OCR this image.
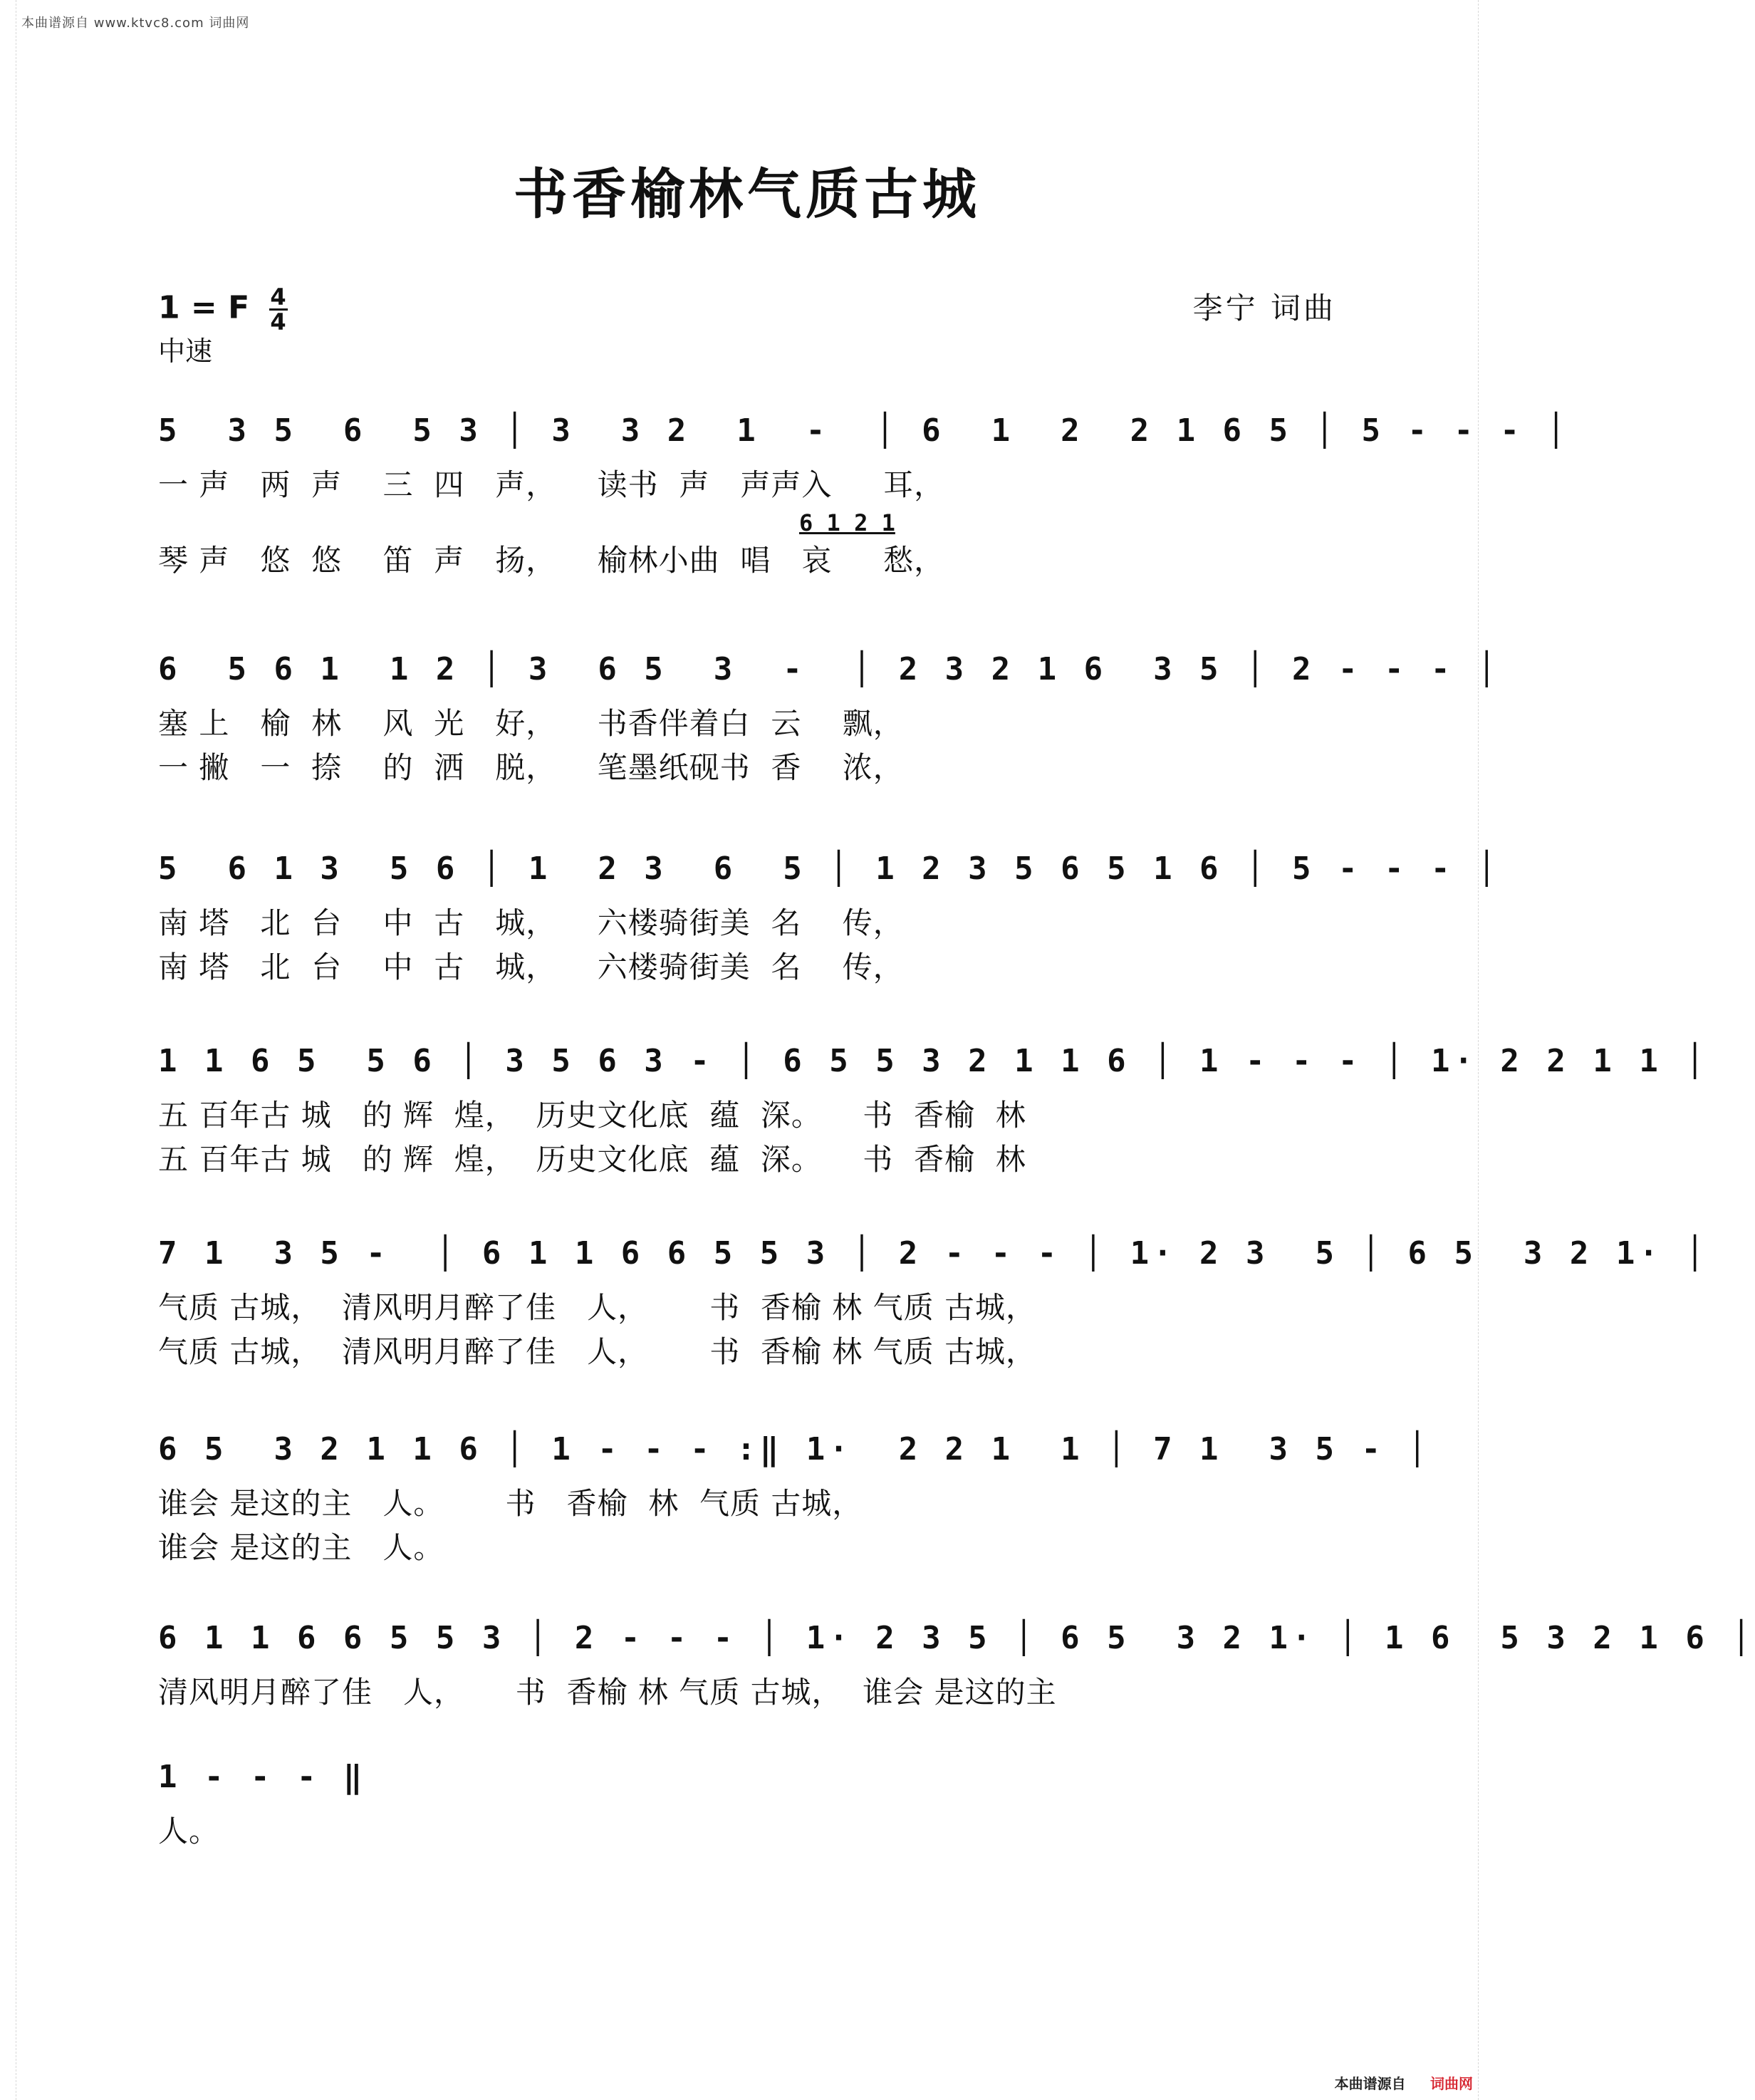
本曲谱源自 www.ktvc8.com 词曲网
书香榆林气质古城
1 = F $\frac{4}{4}$
中速
李宁 词曲
5  3 5  6  5 3 │ 3  3 2  1  -  │ 6  1  2  2 1 6 5 │ 5 - - - │
一 声   两  声    三  四   声，    读书  声   声声入     耳，
6 1 2 1
琴 声   悠  悠    笛  声   扬，    榆林小曲  唱   哀     愁，
6  5 6 1  1 2 │ 3  6 5  3  -  │ 2 3 2 1 6  3 5 │ 2 - - - │
塞 上   榆  林    风  光   好，    书香伴着白  云    飘，
一 撇   一  捺    的  洒   脱，    笔墨纸砚书  香    浓，
5  6 1 3  5 6 │ 1  2 3  6  5 │ 1 2 3 5 6 5 1 6 │ 5 - - - │
南 塔   北  台    中  古   城，    六楼骑街美  名    传，
南 塔   北  台    中  古   城，    六楼骑街美  名    传，
1 1 6 5  5 6 │ 3 5 6 3 - │ 6 5 5 3 2 1 1 6 │ 1 - - - │ 1· 2 2 1 1 │
五 百年古 城   的 辉  煌，  历史文化底  蕴  深。    书  香榆  林
五 百年古 城   的 辉  煌，  历史文化底  蕴  深。    书  香榆  林
7 1  3 5 -  │ 6 1 1 6 6 5 5 3 │ 2 - - - │ 1· 2 3  5 │ 6 5  3 2 1· │
气质 古城，  清风明月醉了佳   人，      书  香榆 林 气质 古城，
气质 古城，  清风明月醉了佳   人，      书  香榆 林 气质 古城，
6 5  3 2 1 1 6 │ 1 - - - :‖ 1·  2 2 1  1 │ 7 1  3 5 - │
谁会 是这的主   人。      书   香榆  林  气质 古城，
谁会 是这的主   人。
6 1 1 6 6 5 5 3 │ 2 - - - │ 1· 2 3 5 │ 6 5  3 2 1· │ 1 6  5 3 2 1 6 │
清风明月醉了佳   人，     书  香榆 林 气质 古城，  谁会 是这的主
1 - - - ‖
人。
本曲谱源自 词曲网
